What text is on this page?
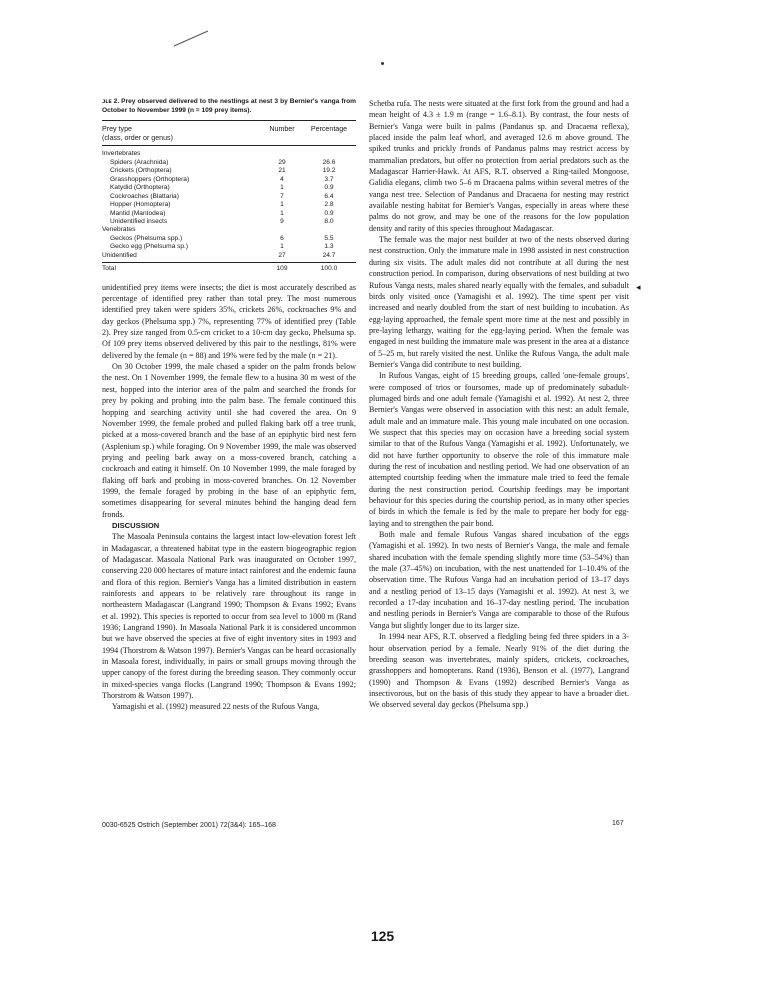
◂
ᴊʟᴇ 2. Prey observed delivered to the nestlings at nest 3 by Bernier's ʏanga from October to November 1999 (n = 109 prey items).
Prey type
(class, order or genus)
Number	Percentage
Invertebrates
Spiders (Arachnida)	29	26.6
Crickets (Orthoptera)	21	19.2
Grasshoppers (Orthoptera)	4	3.7
Katydid (Orthoptera)	1	0.9
Cockroaches (Blattaria)	7	6.4
Hopper (Homoptera)	1	2.8
Mantid (Mantodea)	1	0.9
Unidentified insects	9	8.0
Venebrates
Geckos (Phelsuma spp.)	6	5.5
Gecko egg (Phelsuma sp.)	1	1.3
Unidentified	27	24.7
Total	109	100.0

unidentified prey items were insects; the diet is most accurately described as percentage of identified prey rather than total prey. The most numerous identified prey taken were spiders 35%, crickets 26%, cockroaches 9% and day geckos (Phelsuma spp.) 7%, representing 77% of identified prey (Table 2). Prey size ranged from 0.5-cm cricket to a 10-cm day gecko, Phelsuma sp. Of 109 prey items observed delivered by this pair to the nestlings, 81% were delivered by the female (n = 88) and 19% were fed by the male (n = 21).

On 30 October 1999, the male chased a spider on the palm fronds below the nest. On 1 November 1999, the female flew to a husina 30 m west of the nest, hopped into the interior area of the palm and searched the fronds for prey by poking and probing into the palm base. The female continued this hopping and searching activity until she had covered the area. On 9 November 1999, the female probed and pulled flaking bark off a tree trunk, picked at a moss-covered branch and the base of an epiphytic bird nest fern (Asplenium sp.) while foraging. On 9 November 1999, the male was observed prying and peeling bark away on a moss-covered branch, catching a cockroach and eating it himself. On 10 November 1999, the male foraged by flaking off bark and probing in moss-covered branches. On 12 November 1999, the female foraged by probing in the base of an epiphytic fern, sometimes disappearing for several minutes behind the hanging dead fern fronds.

DISCUSSION

The Masoala Peninsula contains the largest intact low-elevation forest left in Madagascar, a threatened habitat type in the eastern biogeographic region of Madagascar. Masoala National Park was inaugurated on October 1997, conserving 220 000 hectares of mature intact rainforest and the endemic fauna and flora of this region. Bernier's Vanga has a limited distribution in eastern rainforests and appears to be relatively rare throughout its range in northeastern Madagascar (Langrand 1990; Thompson & Evans 1992; Evans et al. 1992). This species is reported to occur from sea level to 1000 m (Rand 1936; Langrand 1990). In Masoala National Park it is considered uncommon but we have observed the species at five of eight inventory sites in 1993 and 1994 (Thorstrom & Watson 1997). Bernier's Vangas can be heard occasionally in Masoala forest, individually, in pairs or small groups moving through the upper canopy of the forest during the breeding season. They commonly occur in mixed-species vanga flocks (Langrand 1990; Thompson & Evans 1992; Thorstrom & Watson 1997).

Yamagishi et al. (1992) measured 22 nests of the Rufous Vanga,

Schetba rufa. The nests were situated at the first fork from the ground and had a mean height of 4.3 ± 1.9 m (range = 1.6–8.1). By contrast, the four nests of Bernier's Vanga were built in palms (Pandanus sp. and Dracaena reflexa), placed inside the palm leaf whorl, and averaged 12.6 m above ground. The spiked trunks and prickly fronds of Pandanus palms may restrict access by mammalian predators, but offer no protection from aerial predators such as the Madagascar Harrier-Hawk. At AFS, R.T. observed a Ring-tailed Mongoose, Galidia elegans, climb two 5–6 m Dracaena palms within several metres of the vanga nest tree. Selection of Pandanus and Dracaena for nesting may restrict available nesting habitat for Bernier's Vangas, especially in areas where these palms do not grow, and may be one of the reasons for the low population density and rarity of this species throughout Madagascar.

The female was the major nest builder at two of the nests observed during nest construction. Only the immature male in 1998 assisted in nest construction during six visits. The adult males did not contribute at all during the nest construction period. In comparison, during observations of nest building at two Rufous Vanga nests, males shared nearly equally with the females, and subadult birds only visited once (Yamagishi et al. 1992). The time spent per visit increased and nearly doubled from the start of nest building to incubation. As egg-laying approached, the female spent more time at the nest and possibly in pre-laying lethargy, waiting for the egg-laying period. When the female was engaged in nest building the immature male was present in the area at a distance of 5–25 m, but rarely visited the nest. Unlike the Rufous Vanga, the adult male Bernier's Vanga did contribute to nest building.

In Rufous Vangas, eight of 15 breeding groups, called 'one-female groups', were composed of trios or foursomes, made up of predominately subadult-plumaged birds and one adult female (Yamagishi et al. 1992). At nest 2, three Bernier's Vangas were observed in association with this nest: an adult female, adult male and an immature male. This young male incubated on one occasion. We suspect that this species may on occasion have a breeding social system similar to that of the Rufous Vanga (Yamagishi et al. 1992). Unfortunately, we did not have further opportunity to observe the role of this immature male during the rest of incubation and nestling period. We had one observation of an attempted courtship feeding when the immature male tried to feed the female during the nest construction period. Courtship feedings may be important behaviour for this species during the courtship period, as in many other species of birds in which the female is fed by the male to prepare her body for egg-laying and to strengthen the pair bond.

Both male and female Rufous Vangas shared incubation of the eggs (Yamagishi et al. 1992). In two nests of Bernier's Vanga, the male and female shared incubation with the female spending slightly more time (53–54%) than the male (37–45%) on incubation, with the nest unattended for 1–10.4% of the observation time. The Rufous Vanga had an incubation period of 13–17 days and a nestling period of 13–15 days (Yamagishi et al. 1992). At nest 3, we recorded a 17-day incubation and 16–17-day nestling period. The incubation and nestling periods in Bernier's Vanga are comparable to those of the Rufous Vanga but slightly longer due to its larger size.

In 1994 near AFS, R.T. observed a fledgling being fed three spiders in a 3-hour observation period by a female. Nearly 91% of the diet during the breeding season was invertebrates, mainly spiders, crickets, cockroaches, grasshoppers and homopterans. Rand (1936), Benson et al. (1977), Langrand (1990) and Thompson & Evans (1992) described Bernier's Vanga as insectivorous, but on the basis of this study they appear to have a broader diet. We observed several day geckos (Phelsuma spp.)

0030-6525 Ostrich (September 2001) 72(3&4): 165–168	167
125
